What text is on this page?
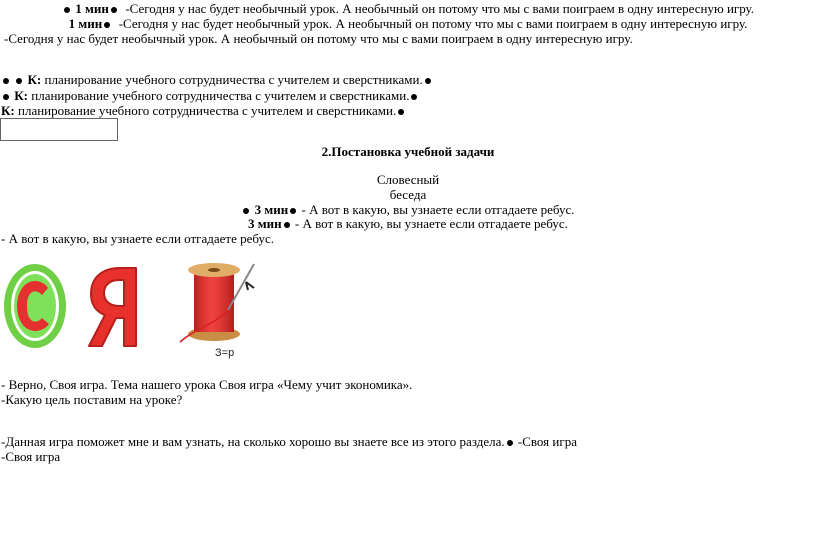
1 мин -Сегодня у нас будет необычный урок. А необычный он потому что мы с вами поиграем в одну интересную игру.
1 мин -Сегодня у нас будет необычный урок. А необычный он потому что мы с вами поиграем в одну интересную игру.
-Сегодня у нас будет необычный урок. А необычный он потому что мы с вами поиграем в одну интересную игру.
К: планирование учебного сотрудничества с учителем и сверстниками.
К: планирование учебного сотрудничества с учителем и сверстниками.
К: планирование учебного сотрудничества с учителем и сверстниками.
2.Постановка учебной задачи
Словесный
беседа
3 мин - А вот в какую, вы узнаете если отгадаете ребус.
3 мин - А вот в какую, вы узнаете если отгадаете ребус.
- А вот в какую, вы узнаете если отгадаете ребус.
С
Я
З=р
- Верно, Своя игра. Тема нашего урока Своя игра «Чему учит экономика».
-Какую цель поставим на уроке?
-Данная игра поможет мне и вам узнать, на сколько хорошо вы знаете все из этого раздела. -Своя игра
-Своя игра
